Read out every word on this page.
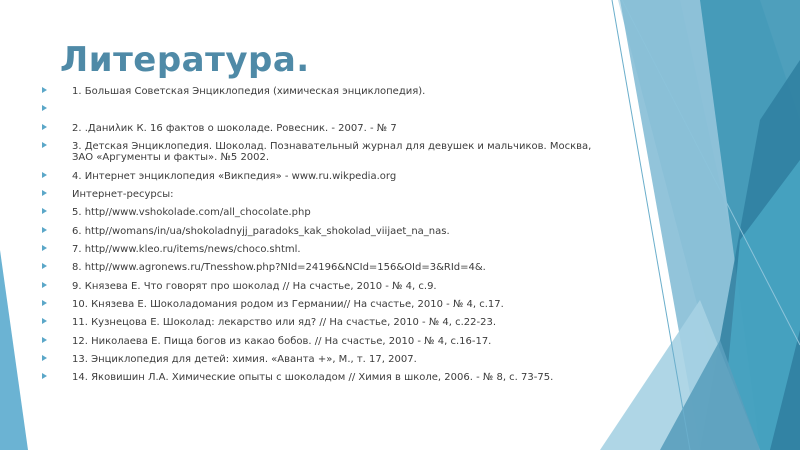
Литература.
1. Большая Советская Энциклопедия (химическая энциклопедия).
2. .Даниλик К. 16 фактов о шоколаде. Ровесник. - 2007. - № 7
3. Детская Энциклопедия. Шоколад. Познавательный журнал для девушек и мальчиков. Москва, ЗАО «Аргументы и факты». №5 2002.
4. Интернет энциклопедия «Викпедия» - www.ru.wikpedia.org
Интернет-ресурсы:
5. http//www.vshokolade.com/all_chocolate.php
6. http//womans/in/ua/shokoladnyjj_paradoks_kak_shokolad_viijaet_na_nas.
7. http//www.kleo.ru/items/news/choco.shtml.
8. http//www.agronews.ru/Tnesshow.php?NId=24196&NCId=156&OId=3&RId=4&.
9. Князева Е. Что говорят про шоколад // На счастье, 2010 - № 4, с.9.
10. Князева Е. Шоколадомания родом из Германии// На счастье, 2010 - № 4, с.17.
11. Кузнецова Е. Шоколад: лекарство или яд? // На счастье, 2010 - № 4, с.22-23.
12. Николаева Е. Пища богов из какао бобов. // На счастье, 2010 - № 4, с.16-17.
13. Энциклопедия для детей: химия. «Аванта +», М., т. 17, 2007.
14. Яковишин Л.А. Химические опыты с шоколадом // Химия в школе, 2006. - № 8, с. 73-75.
